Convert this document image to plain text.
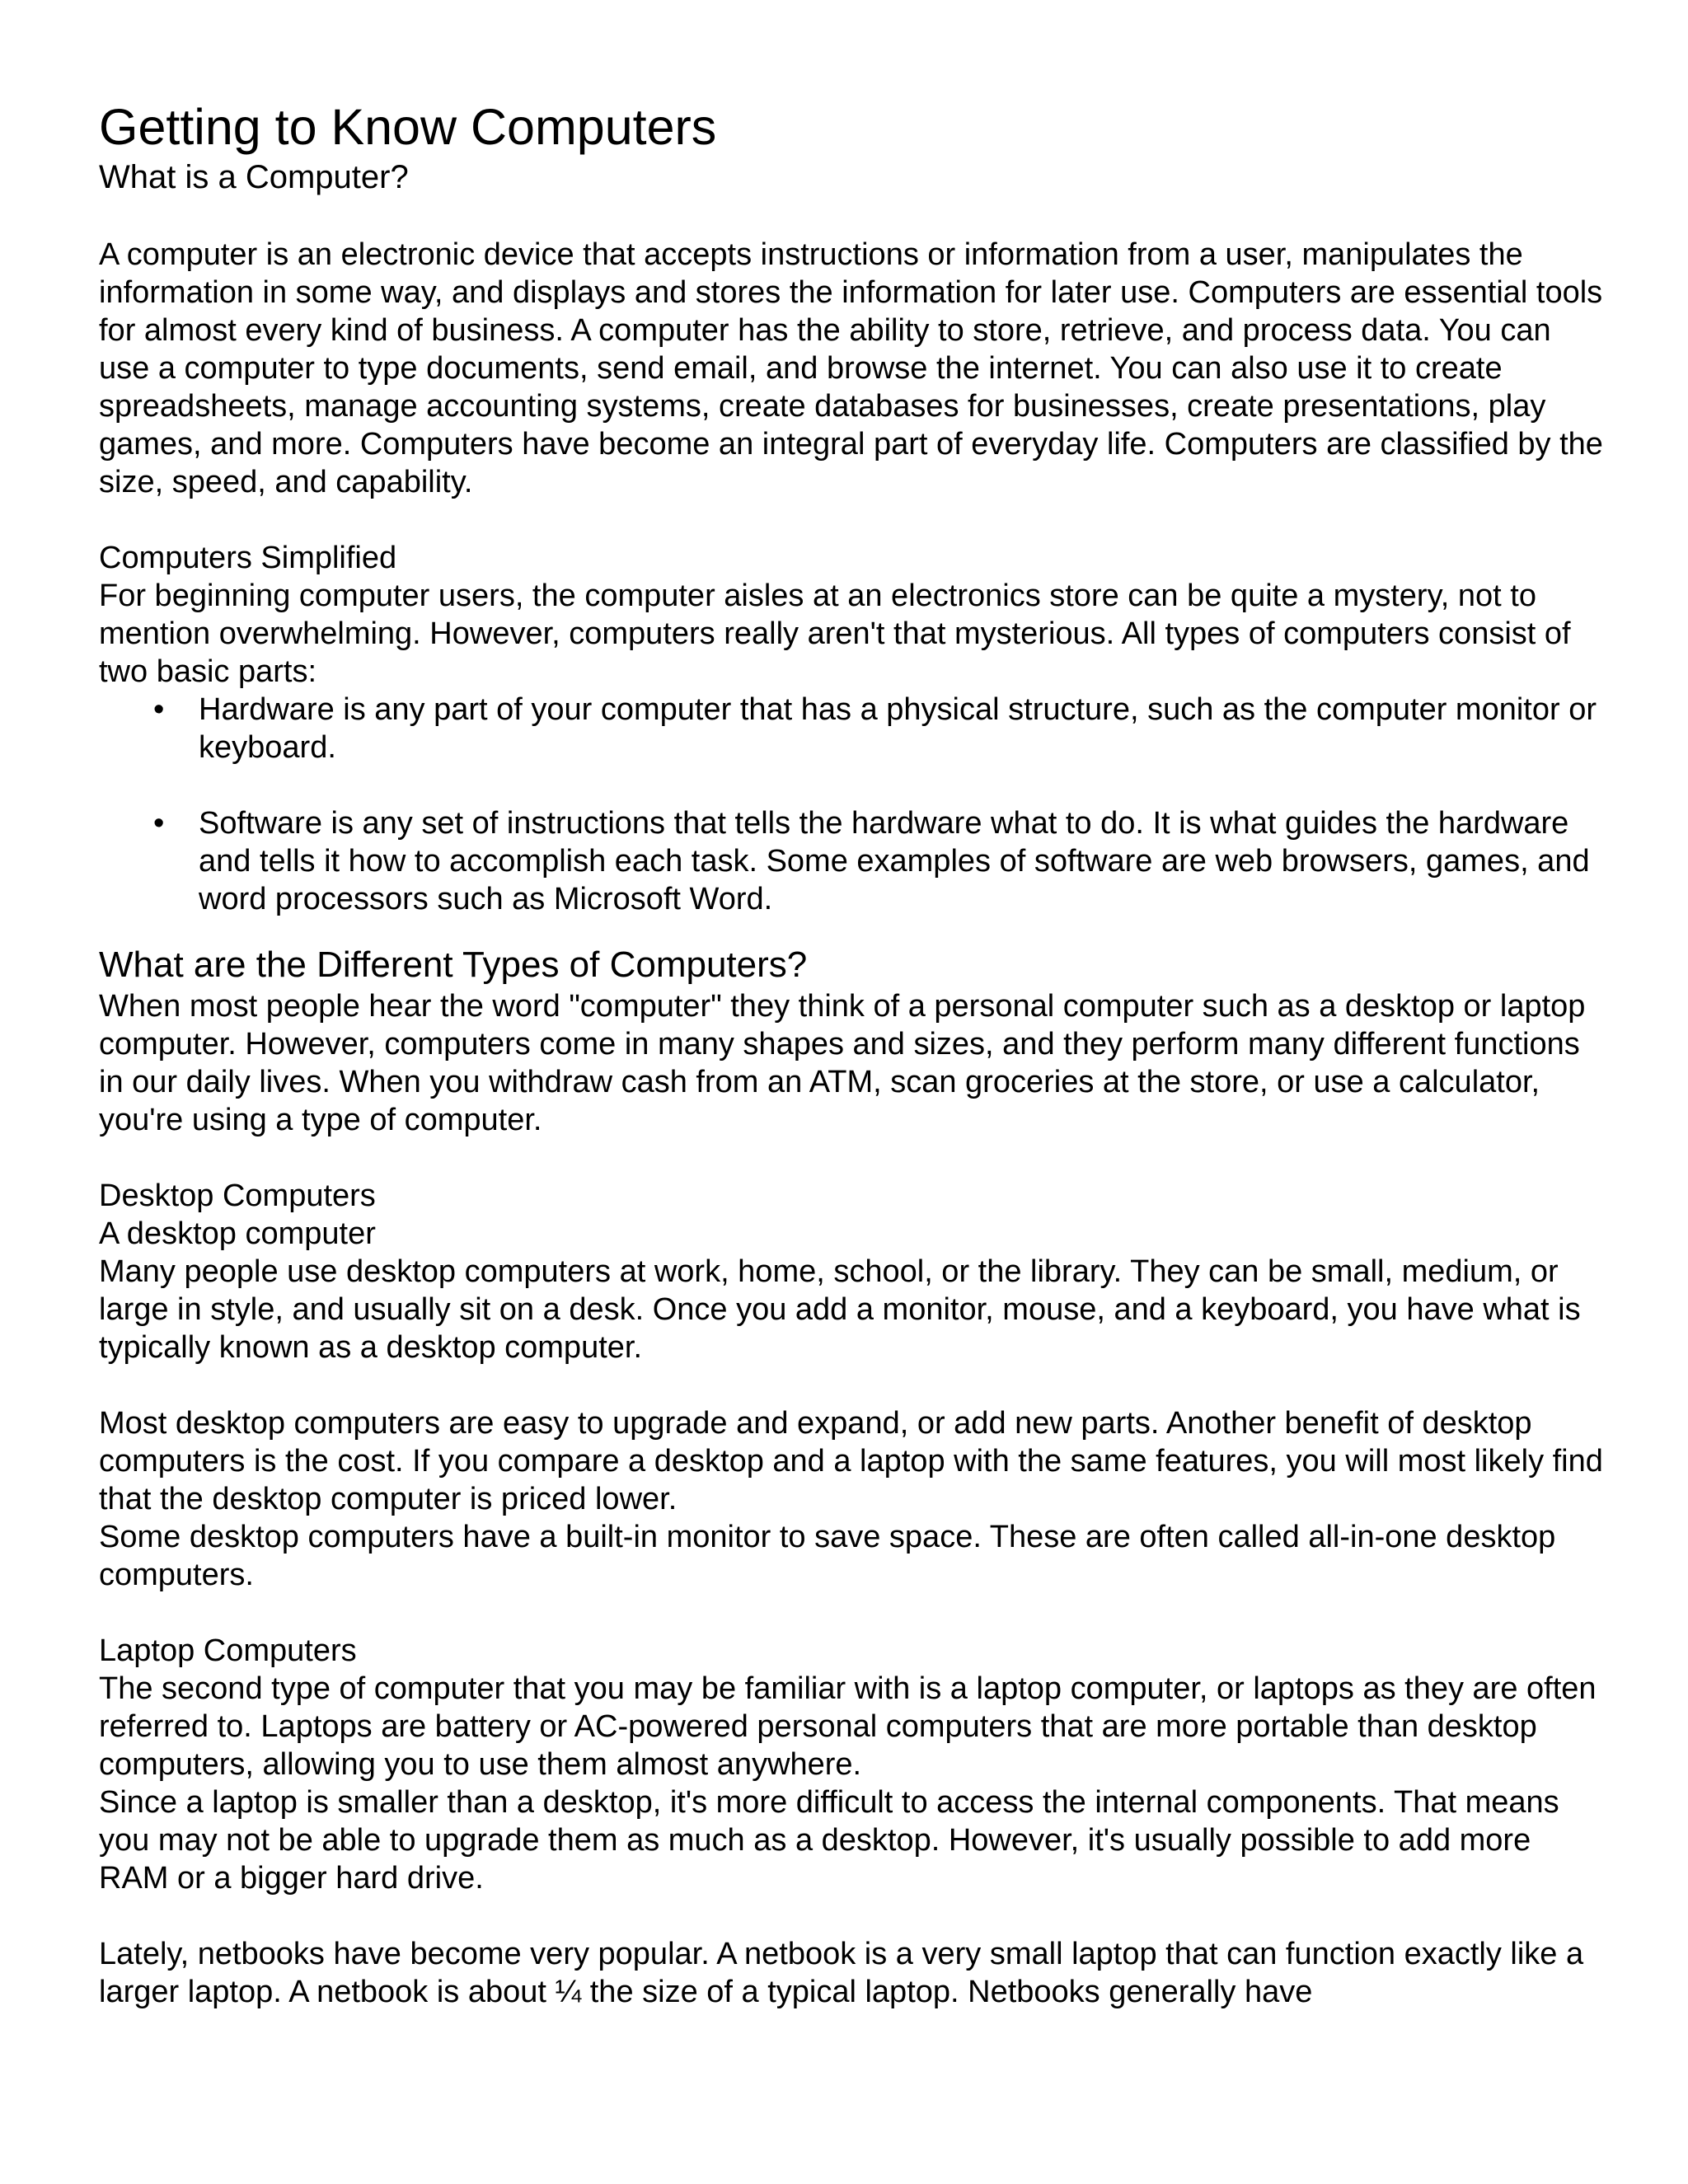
Getting to Know Computers
What is a Computer?

A computer is an electronic device that accepts instructions or information from a user, manipulates the information in some way, and displays and stores the information for later use. Computers are essential tools for almost every kind of business. A computer has the ability to store, retrieve, and process data. You can use a computer to type documents, send email, and browse the internet. You can also use it to create spreadsheets, manage accounting systems, create databases for businesses, create presentations, play games, and more. Computers have become an integral part of everyday life. Computers are classified by the size, speed, and capability.

Computers Simplified

For beginning computer users, the computer aisles at an electronics store can be quite a mystery, not to mention overwhelming. However, computers really aren't that mysterious. All types of computers consist of two basic parts:

• Hardware is any part of your computer that has a physical structure, such as the computer monitor or keyboard.
• Software is any set of instructions that tells the hardware what to do. It is what guides the hardware and tells it how to accomplish each task. Some examples of software are web browsers, games, and word processors such as Microsoft Word.
What are the Different Types of Computers?

When most people hear the word "computer" they think of a personal computer such as a desktop or laptop computer. However, computers come in many shapes and sizes, and they perform many different functions in our daily lives. When you withdraw cash from an ATM, scan groceries at the store, or use a calculator, you're using a type of computer.

Desktop Computers

A desktop computer

Many people use desktop computers at work, home, school, or the library. They can be small, medium, or large in style, and usually sit on a desk. Once you add a monitor, mouse, and a keyboard, you have what is typically known as a desktop computer.

Most desktop computers are easy to upgrade and expand, or add new parts. Another benefit of desktop computers is the cost. If you compare a desktop and a laptop with the same features, you will most likely find that the desktop computer is priced lower.

Some desktop computers have a built-in monitor to save space. These are often called all-in-one desktop computers.

Laptop Computers

The second type of computer that you may be familiar with is a laptop computer, or laptops as they are often referred to. Laptops are battery or AC-powered personal computers that are more portable than desktop computers, allowing you to use them almost anywhere.

Since a laptop is smaller than a desktop, it's more difficult to access the internal components. That means you may not be able to upgrade them as much as a desktop. However, it's usually possible to add more RAM or a bigger hard drive.

Lately, netbooks have become very popular. A netbook is a very small laptop that can function exactly like a larger laptop. A netbook is about ¼ the size of a typical laptop. Netbooks generally have
